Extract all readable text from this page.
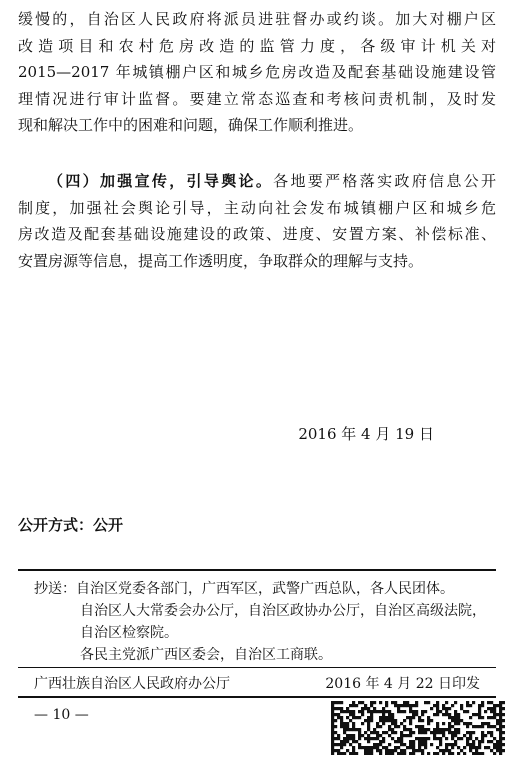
缓慢的，自治区人民政府将派员进驻督办或约谈。加大对棚户区
改造项目和农村危房改造的监管力度，各级审计机关对
2015—2017 年城镇棚户区和城乡危房改造及配套基础设施建设管
理情况进行审计监督。要建立常态巡查和考核问责机制，及时发
现和解决工作中的困难和问题，确保工作顺利推进。
（四）加强宣传，引导舆论。各地要严格落实政府信息公开
制度，加强社会舆论引导，主动向社会发布城镇棚户区和城乡危
房改造及配套基础设施建设的政策、进度、安置方案、补偿标准、
安置房源等信息，提高工作透明度，争取群众的理解与支持。
2016 年 4 月 19 日
公开方式：公开
抄送：自治区党委各部门，广西军区，武警广西总队，各人民团体。
自治区人大常委会办公厅，自治区政协办公厅，自治区高级法院，
自治区检察院。
各民主党派广西区委会，自治区工商联。
广西壮族自治区人民政府办公厅	2016 年 4 月 22 日印发
— 10 —
